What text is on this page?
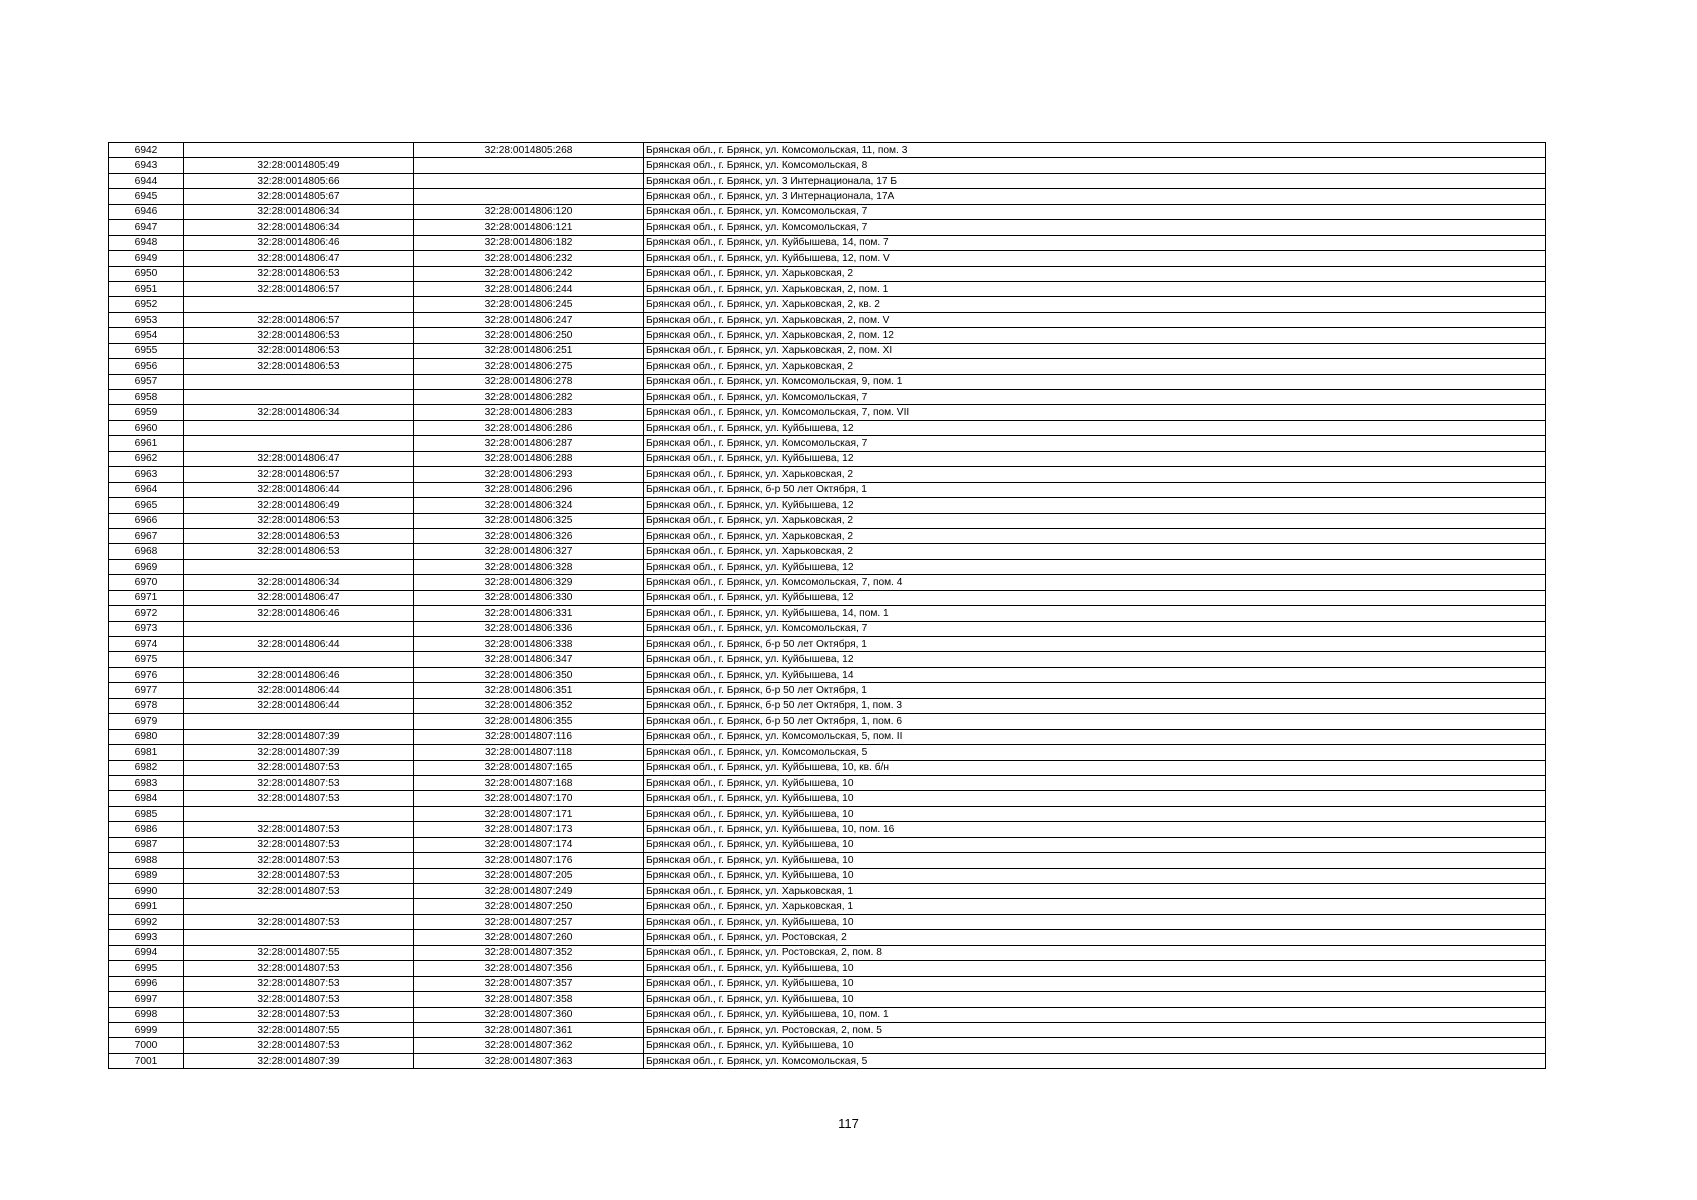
6942		32:28:0014805:268	Брянская обл., г. Брянск, ул. Комсомольская, 11, пом. 3
6943	32:28:0014805:49		Брянская обл., г. Брянск, ул. Комсомольская, 8
6944	32:28:0014805:66		Брянская обл., г. Брянск, ул. 3 Интернационала, 17 Б
6945	32:28:0014805:67		Брянская обл., г. Брянск, ул. 3 Интернационала, 17А
6946	32:28:0014806:34	32:28:0014806:120	Брянская обл., г. Брянск, ул. Комсомольская, 7
6947	32:28:0014806:34	32:28:0014806:121	Брянская обл., г. Брянск, ул. Комсомольская, 7
6948	32:28:0014806:46	32:28:0014806:182	Брянская обл., г. Брянск, ул. Куйбышева, 14, пом. 7
6949	32:28:0014806:47	32:28:0014806:232	Брянская обл., г. Брянск, ул. Куйбышева, 12, пом. V
6950	32:28:0014806:53	32:28:0014806:242	Брянская обл., г. Брянск, ул. Харьковская, 2
6951	32:28:0014806:57	32:28:0014806:244	Брянская обл., г. Брянск, ул. Харьковская, 2, пом. 1
6952		32:28:0014806:245	Брянская обл., г. Брянск, ул. Харьковская, 2, кв. 2
6953	32:28:0014806:57	32:28:0014806:247	Брянская обл., г. Брянск, ул. Харьковская, 2, пом. V
6954	32:28:0014806:53	32:28:0014806:250	Брянская обл., г. Брянск, ул. Харьковская, 2, пом. 12
6955	32:28:0014806:53	32:28:0014806:251	Брянская обл., г. Брянск, ул. Харьковская, 2, пом. XI
6956	32:28:0014806:53	32:28:0014806:275	Брянская обл., г. Брянск, ул. Харьковская, 2
6957		32:28:0014806:278	Брянская обл., г. Брянск, ул. Комсомольская, 9, пом. 1
6958		32:28:0014806:282	Брянская обл., г. Брянск, ул. Комсомольская, 7
6959	32:28:0014806:34	32:28:0014806:283	Брянская обл., г. Брянск, ул. Комсомольская, 7, пом. VII
6960		32:28:0014806:286	Брянская обл., г. Брянск, ул. Куйбышева, 12
6961		32:28:0014806:287	Брянская обл., г. Брянск, ул. Комсомольская, 7
6962	32:28:0014806:47	32:28:0014806:288	Брянская обл., г. Брянск, ул. Куйбышева, 12
6963	32:28:0014806:57	32:28:0014806:293	Брянская обл., г. Брянск, ул. Харьковская, 2
6964	32:28:0014806:44	32:28:0014806:296	Брянская обл., г. Брянск, б-р 50 лет Октября, 1
6965	32:28:0014806:49	32:28:0014806:324	Брянская обл., г. Брянск, ул. Куйбышева, 12
6966	32:28:0014806:53	32:28:0014806:325	Брянская обл., г. Брянск, ул. Харьковская, 2
6967	32:28:0014806:53	32:28:0014806:326	Брянская обл., г. Брянск, ул. Харьковская, 2
6968	32:28:0014806:53	32:28:0014806:327	Брянская обл., г. Брянск, ул. Харьковская, 2
6969		32:28:0014806:328	Брянская обл., г. Брянск, ул. Куйбышева, 12
6970	32:28:0014806:34	32:28:0014806:329	Брянская обл., г. Брянск, ул. Комсомольская, 7, пом. 4
6971	32:28:0014806:47	32:28:0014806:330	Брянская обл., г. Брянск, ул. Куйбышева, 12
6972	32:28:0014806:46	32:28:0014806:331	Брянская обл., г. Брянск, ул. Куйбышева, 14, пом. 1
6973		32:28:0014806:336	Брянская обл., г. Брянск, ул. Комсомольская, 7
6974	32:28:0014806:44	32:28:0014806:338	Брянская обл., г. Брянск, б-р 50 лет Октября, 1
6975		32:28:0014806:347	Брянская обл., г. Брянск, ул. Куйбышева, 12
6976	32:28:0014806:46	32:28:0014806:350	Брянская обл., г. Брянск, ул. Куйбышева, 14
6977	32:28:0014806:44	32:28:0014806:351	Брянская обл., г. Брянск, б-р 50 лет Октября, 1
6978	32:28:0014806:44	32:28:0014806:352	Брянская обл., г. Брянск, б-р 50 лет Октября, 1, пом. 3
6979		32:28:0014806:355	Брянская обл., г. Брянск, б-р 50 лет Октября, 1, пом. 6
6980	32:28:0014807:39	32:28:0014807:116	Брянская обл., г. Брянск, ул. Комсомольская, 5, пом. II
6981	32:28:0014807:39	32:28:0014807:118	Брянская обл., г. Брянск, ул. Комсомольская, 5
6982	32:28:0014807:53	32:28:0014807:165	Брянская обл., г. Брянск, ул. Куйбышева, 10, кв. б/н
6983	32:28:0014807:53	32:28:0014807:168	Брянская обл., г. Брянск, ул. Куйбышева, 10
6984	32:28:0014807:53	32:28:0014807:170	Брянская обл., г. Брянск, ул. Куйбышева, 10
6985		32:28:0014807:171	Брянская обл., г. Брянск, ул. Куйбышева, 10
6986	32:28:0014807:53	32:28:0014807:173	Брянская обл., г. Брянск, ул. Куйбышева, 10, пом. 16
6987	32:28:0014807:53	32:28:0014807:174	Брянская обл., г. Брянск, ул. Куйбышева, 10
6988	32:28:0014807:53	32:28:0014807:176	Брянская обл., г. Брянск, ул. Куйбышева, 10
6989	32:28:0014807:53	32:28:0014807:205	Брянская обл., г. Брянск, ул. Куйбышева, 10
6990	32:28:0014807:53	32:28:0014807:249	Брянская обл., г. Брянск, ул. Харьковская, 1
6991		32:28:0014807:250	Брянская обл., г. Брянск, ул. Харьковская, 1
6992	32:28:0014807:53	32:28:0014807:257	Брянская обл., г. Брянск, ул. Куйбышева, 10
6993		32:28:0014807:260	Брянская обл., г. Брянск, ул. Ростовская, 2
6994	32:28:0014807:55	32:28:0014807:352	Брянская обл., г. Брянск, ул. Ростовская, 2, пом. 8
6995	32:28:0014807:53	32:28:0014807:356	Брянская обл., г. Брянск, ул. Куйбышева, 10
6996	32:28:0014807:53	32:28:0014807:357	Брянская обл., г. Брянск, ул. Куйбышева, 10
6997	32:28:0014807:53	32:28:0014807:358	Брянская обл., г. Брянск, ул. Куйбышева, 10
6998	32:28:0014807:53	32:28:0014807:360	Брянская обл., г. Брянск, ул. Куйбышева, 10, пом. 1
6999	32:28:0014807:55	32:28:0014807:361	Брянская обл., г. Брянск, ул. Ростовская, 2, пом. 5
7000	32:28:0014807:53	32:28:0014807:362	Брянская обл., г. Брянск, ул. Куйбышева, 10
7001	32:28:0014807:39	32:28:0014807:363	Брянская обл., г. Брянск, ул. Комсомольская, 5
117
